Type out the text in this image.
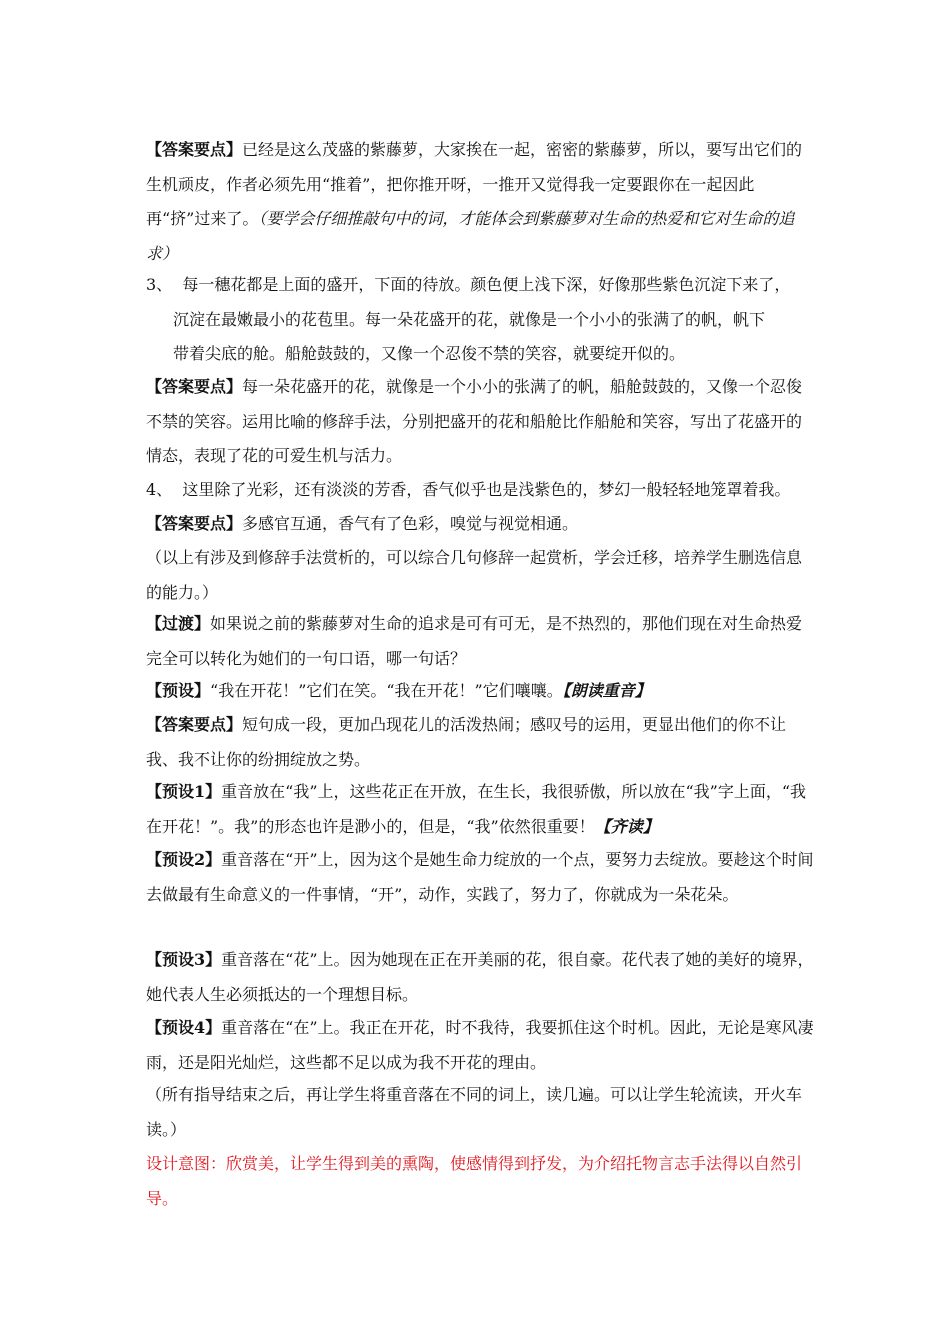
【答案要点】已经是这么茂盛的紫藤萝，大家挨在一起，密密的紫藤萝，所以，要写出它们的生机顽皮，作者必须先用“推着”，把你推开呀，一推开又觉得我一定要跟你在一起因此再“挤”过来了。（要学会仔细推敲句中的词，才能体会到紫藤萝对生命的热爱和它对生命的追求）

3、 每一穗花都是上面的盛开，下面的待放。颜色便上浅下深，好像那些紫色沉淀下来了，
沉淀在最嫩最小的花苞里。每一朵花盛开的花，就像是一个小小的张满了的帆，帆下
带着尖底的舱。船舱鼓鼓的，又像一个忍俊不禁的笑容，就要绽开似的。

【答案要点】每一朵花盛开的花，就像是一个小小的张满了的帆，船舱鼓鼓的，又像一个忍俊不禁的笑容。运用比喻的修辞手法，分别把盛开的花和船舱比作船舱和笑容，写出了花盛开的情态，表现了花的可爱生机与活力。

4、 这里除了光彩，还有淡淡的芳香，香气似乎也是浅紫色的，梦幻一般轻轻地笼罩着我。

【答案要点】多感官互通，香气有了色彩，嗅觉与视觉相通。

（以上有涉及到修辞手法赏析的，可以综合几句修辞一起赏析，学会迁移，培养学生删选信息的能力。）

【过渡】如果说之前的紫藤萝对生命的追求是可有可无，是不热烈的，那他们现在对生命热爱完全可以转化为她们的一句口语，哪一句话？

【预设】“我在开花！”它们在笑。“我在开花！”它们嚷嚷。【朗读重音】

【答案要点】短句成一段，更加凸现花儿的活泼热闹；感叹号的运用，更显出他们的你不让我、我不让你的纷拥绽放之势。

【预设1】重音放在“我”上，这些花正在开放，在生长，我很骄傲，所以放在“我”字上面，“我在开花！”。我”的形态也许是渺小的，但是，“我”依然很重要！【齐读】

【预设2】重音落在“开”上，因为这个是她生命力绽放的一个点，要努力去绽放。要趁这个时间去做最有生命意义的一件事情，“开”，动作，实践了，努力了，你就成为一朵花朵。

【预设3】重音落在“花”上。因为她现在正在开美丽的花，很自豪。花代表了她的美好的境界，她代表人生必须抵达的一个理想目标。

【预设4】重音落在“在”上。我正在开花，时不我待，我要抓住这个时机。因此，无论是寒风凄雨，还是阳光灿烂，这些都不足以成为我不开花的理由。

（所有指导结束之后，再让学生将重音落在不同的词上，读几遍。可以让学生轮流读，开火车读。）

设计意图：欣赏美，让学生得到美的熏陶，使感情得到抒发，为介绍托物言志手法得以自然引导。
